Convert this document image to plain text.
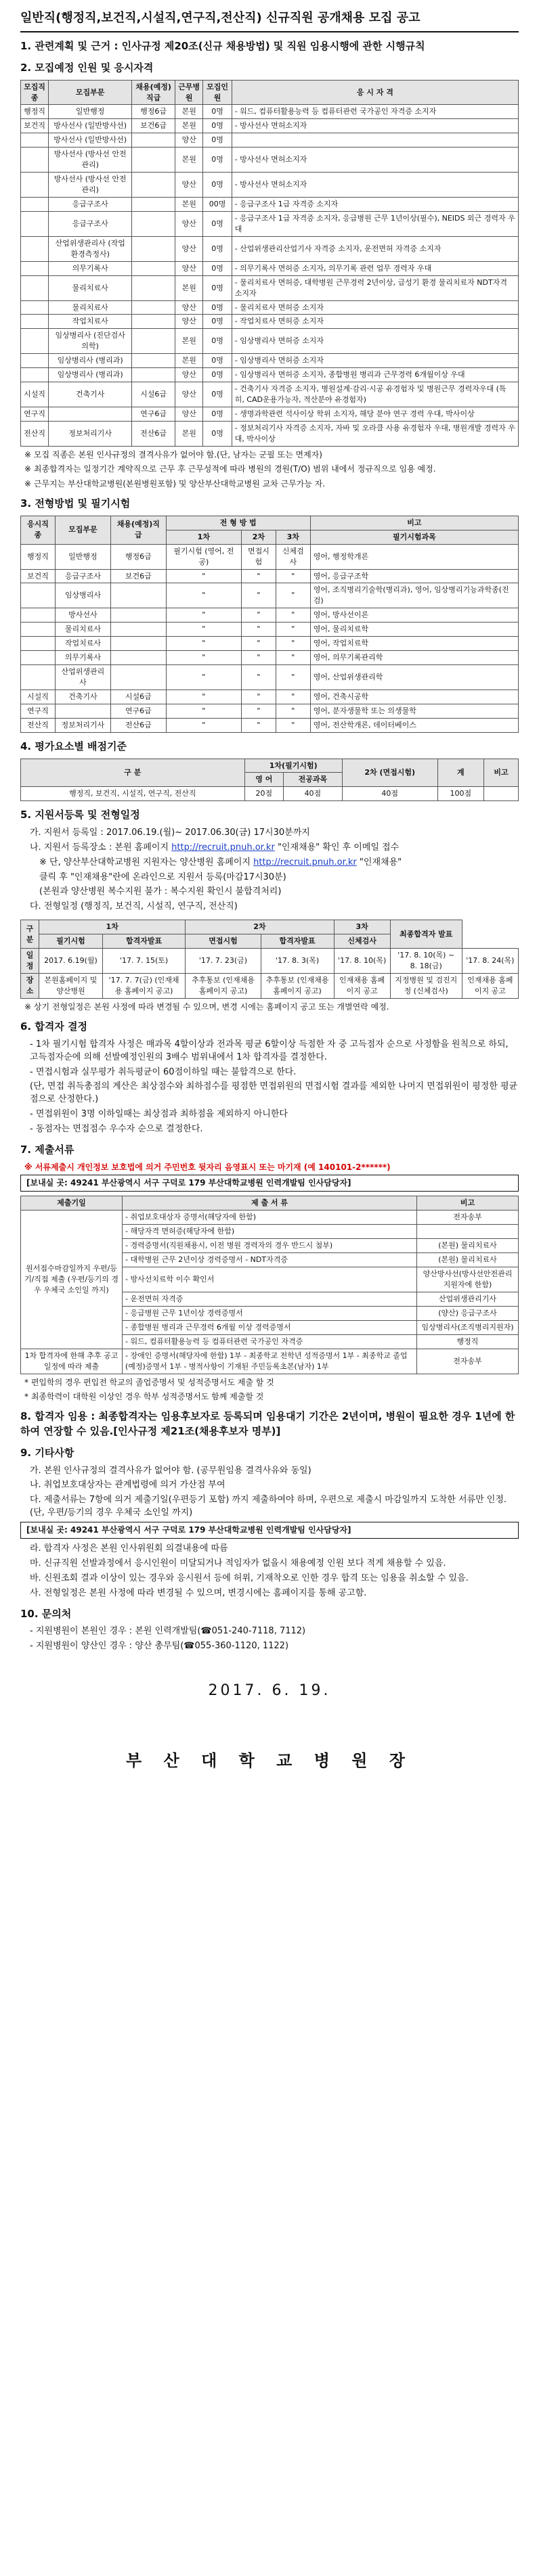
일반직(행정직,보건직,시설직,연구직,전산직) 신규직원 공개채용 모집 공고
1. 관련계획 및 근거 : 인사규정 제20조(신규 채용방법) 및 직원 임용시행에 관한 시행규칙
2. 모집예정 인원 및 응시자격
모집직종	모집부문	채용(예정)직급	근무병원	모집인원	응 시 자 격
행정직	일반행정	행정6급	본원	0명	- 워드, 컴퓨터활용능력 등 컴퓨터관련 국가공인 자격증 소지자
보건직	방사선사 (일반방사선)	보건6급	본원	0명	- 방사선사 면허소지자
	방사선사 (일반방사선)		양산	0명	
	방사선사 (방사선 안전관리)		본원	0명	- 방사선사 면허소지자
	방사선사 (방사선 안전관리)		양산	0명	- 방사선사 면허소지자
	응급구조사		본원	00명	- 응급구조사 1급 자격증 소지자
	응급구조사		양산	0명	- 응급구조사 1급 자격증 소지자, 응급병원 근무 1년이상(필수), NEIDS 외근 경력자 우대
	산업위생관리사 (작업환경측정사)		양산	0명	- 산업위생관리산업기사 자격증 소지자, 운전면허 자격증 소지자
	의무기록사		양산	0명	- 의무기록사 면허증 소지자, 의무기록 관련 업무 경력자 우대
	물리치료사		본원	0명	- 물리치료사 면허증, 대학병원 근무경력 2년이상, 급성기 환경 물리치료자 NDT자격 소지자
	물리치료사		양산	0명	- 물리치료사 면허증 소지자
	작업치료사		양산	0명	- 작업치료사 면허증 소지자
	임상병리사 (진단검사의학)		본원	0명	- 임상병리사 면허증 소지자
	임상병리사 (병리과)		본원	0명	- 임상병리사 면허증 소지자
	임상병리사 (병리과)		양산	0명	- 임상병리사 면허증 소지자, 종합병원 병리과 근무경력 6개월이상 우대
시설직	건축기사	시설6급	양산	0명	- 건축기사 자격증 소지자, 병원설계·감리·시공 유경험자 및 병원근무 경력자우대 (특히, CAD운용가능자, 적산분야 유경험자)
연구직		연구6급	양산	0명	- 생명과학관련 석사이상 학위 소지자, 해당 분야 연구 경력 우대, 박사이상
전산직	정보처리기사	전산6급	본원	0명	- 정보처리기사 자격증 소지자, 자바 및 오라클 사용 유경험자 우대, 병원개발 경력자 우대, 박사이상
※ 모집 직종은 본원 인사규정의 결격사유가 없어야 함.(단, 남자는 군필 또는 면제자)
※ 최종합격자는 일정기간 계약직으로 근무 후 근무성적에 따라 병원의 경원(T/O) 범위 내에서 정규직으로 임용 예정.
※ 근무지는 부산대학교병원(본원병원포함) 및 양산부산대학교병원 교차 근무가능 자.
3. 전형방법 및 필기시험
응시직종	모집부문	채용(예정)직급	전 형 방 법			비고
			1차	2차	3차	필기시험과목
행정직	일반행정	행정6급	필기시험 (영어, 전공)	면접시험	신체검사	영어, 행정학개론
보건직	응급구조사	보건6급	"	"	"	영어, 응급구조학
	임상병리사		"	"	"	영어, 조직병리기술학(병리과), 영어, 임상병리기능과학종(진검)
	방사선사		"	"	"	영어, 방사선이론
	물리치료사		"	"	"	영어, 물리치료학
	작업치료사		"	"	"	영어, 작업치료학
	의무기록사		"	"	"	영어, 의무기록관리학
	산업위생관리사		"	"	"	영어, 산업위생관리학
시설직	건축기사	시설6급	"	"	"	영어, 건축시공학
연구직		연구6급	"	"	"	영어, 분자생물학 또는 의생물학
전산직	정보처리기사	전산6급	"	"	"	영어, 전산학개론, 데이터베이스
4. 평가요소별 배점기준
구 분	1차(필기시험)		2차 (면접시험)	계	비고
	영 어	전공과목			
행정직, 보건직, 시설직, 연구직, 전산직	20점	40점	40점	100점	
5. 지원서등록 및 전형일정
가. 지원서 등록일 : 2017.06.19.(월)~ 2017.06.30(금) 17시30분까지
나. 지원서 등록장소 : 본원 홈페이지 http://recruit.pnuh.or.kr "인재채용" 확인 후 이메일 접수
※ 단, 양산부산대학교병원 지원자는 양산병원 홈페이지 http://recruit.pnuh.or.kr "인재채용"
클릭 후 "인재채용"란에 온라인으로 지원서 등록(마감17시30분)
(본원과 양산병원 복수지원 불가 : 복수지원 확인시 불합격처리)
다. 전형일정 (행정직, 보건직, 시설직, 연구직, 전산직)
구 분	1차		2차		3차	최종합격자 발표	
	필기시험	합격자발표	면접시험	합격자발표	신체검사		
일정	2017. 6.19(월)	'17. 7. 15(토)	'17. 7. 23(금)	'17. 8. 3(목)	'17. 8. 10(목)	'17. 8. 10(목) ~ 8. 18(금)	'17. 8. 24(목)
장소	본원홈페이지 및 양산병원	'17. 7. 7(금) (인재채용 홈페이지 공고)	추후통보 (인재채용 홈페이지 공고)	추후통보 (인재채용 홈페이지 공고)	인재채용 홈페이지 공고	지정병원 및 검진지정 (신체검사)	인재채용 홈페이지 공고
※ 상기 전형일정은 본원 사정에 따라 변경될 수 있으며, 변경 시에는 홈페이지 공고 또는 개별연락 예정.
6. 합격자 결정
- 1차 필기시험 합격자 사정은 매과목 4할이상과 전과목 평균 6할이상 득점한 자 중 고득점자 순으로 사정함을 원칙으로 하되, 고득점자순에 의해 선발예정인원의 3배수 범위내에서 1차 합격자를 결정한다.
- 면접시험과 실무평가 취득평균이 60점이하일 때는 불합격으로 한다.
(단, 면접 취득총점의 계산은 최상점수와 최하점수를 평점한 면접위원의 면접시험 결과를 제외한 나머지 면접위원이 평정한 평균점으로 산정한다.)
- 면접위원이 3명 이하일때는 최상점과 최하점을 제외하지 아니한다
- 동점자는 면접점수 우수자 순으로 결정한다.
7. 제출서류
※ 서류제출시 개인정보 보호법에 의거 주민번호 뒷자리 음영표시 또는 마기재 (예 140101-2******)
[보내실 곳: 49241 부산광역시 서구 구덕로 179 부산대학교병원 인력개발팀 인사담당자]
제출기일	제 출 서 류	비고
원서접수마감일까지 우편/등기/직접 제출 (우편/등기의 경우 우체국 소인일 까지)	- 취업보호대상자 증명서(해당자에 한함)	전자송부
	- 해당자격 면허증(해당자에 한함)	
	- 경력증명서(직원채용시, 이전 병원 경력자의 경우 반드시 첨부)	(본원) 물리치료사
	- 대학병원 근무 2년이상 경력증명서 - NDT자격증	(본원) 물리치료사
	- 방사선치료학 이수 확인서	양산방사선(방사선안전관리지원자에 한함)
	- 운전면허 자격증	산업위생관리기사
	- 응급병원 근무 1년이상 경력증명서	(양산) 응급구조사
	- 종합병원 병리과 근무경력 6개월 이상 경력증명서	임상병리사(조직병리지원자)
	- 워드, 컴퓨터활용능력 등 컴퓨터관련 국가공인 자격증	행정직
1차 합격자에 한해 추후 공고일정에 따라 제출	- 장애인 증명서(해당자에 한함) 1부 - 최종학교 전학년 성적증명서 1부 - 최종학교 졸업(예정)증명서 1부 - 병적사항이 기재된 주민등록초본(남자) 1부	전자송부
* 편입학의 경우 편입전 학교의 졸업증명서 및 성적증명서도 제출 할 것
* 최종학력이 대학원 이상인 경우 학부 성적증명서도 함께 제출할 것
8. 합격자 임용 : 최종합격자는 임용후보자로 등록되며 임용대기 기간은 2년이며, 병원이 필요한 경우 1년에 한하여 연장할 수 있음.[인사규정 제21조(채용후보자 명부)]
9. 기타사항
가. 본원 인사규정의 결격사유가 없어야 함. (공무원임용 결격사유와 동일)
나. 취업보호대상자는 관계법령에 의거 가산점 부여
다. 제출서류는 7항에 의거 제출기일(우편등기 포함) 까지 제출하여야 하며, 우편으로 제출시 마감일까지 도착한 서류만 인정. (단, 우편/등기의 경우 우체국 소인일 까지)
[보내실 곳: 49241 부산광역시 서구 구덕로 179 부산대학교병원 인력개발팀 인사담당자]
라. 합격자 사정은 본원 인사위원회 의결내용에 따름
마. 신규직원 선발과정에서 응시인원이 미달되거나 적임자가 없을시 채용예정 인원 보다 적게 채용할 수 있음.
바. 신원조회 결과 이상이 있는 경우와 응시원서 등에 허위, 기재착오로 인한 경우 합격 또는 임용을 취소할 수 있음.
사. 전형일정은 본원 사정에 따라 변경될 수 있으며, 변경시에는 홈페이지를 통해 공고함.
10. 문의처
- 지원병원이 본원인 경우 : 본원 인력개발팀(☎051-240-7118, 7112)
- 지원병원이 양산인 경우 : 양산 총무팀(☎055-360-1120, 1122)
2017. 6. 19.
부 산 대 학 교 병 원 장
